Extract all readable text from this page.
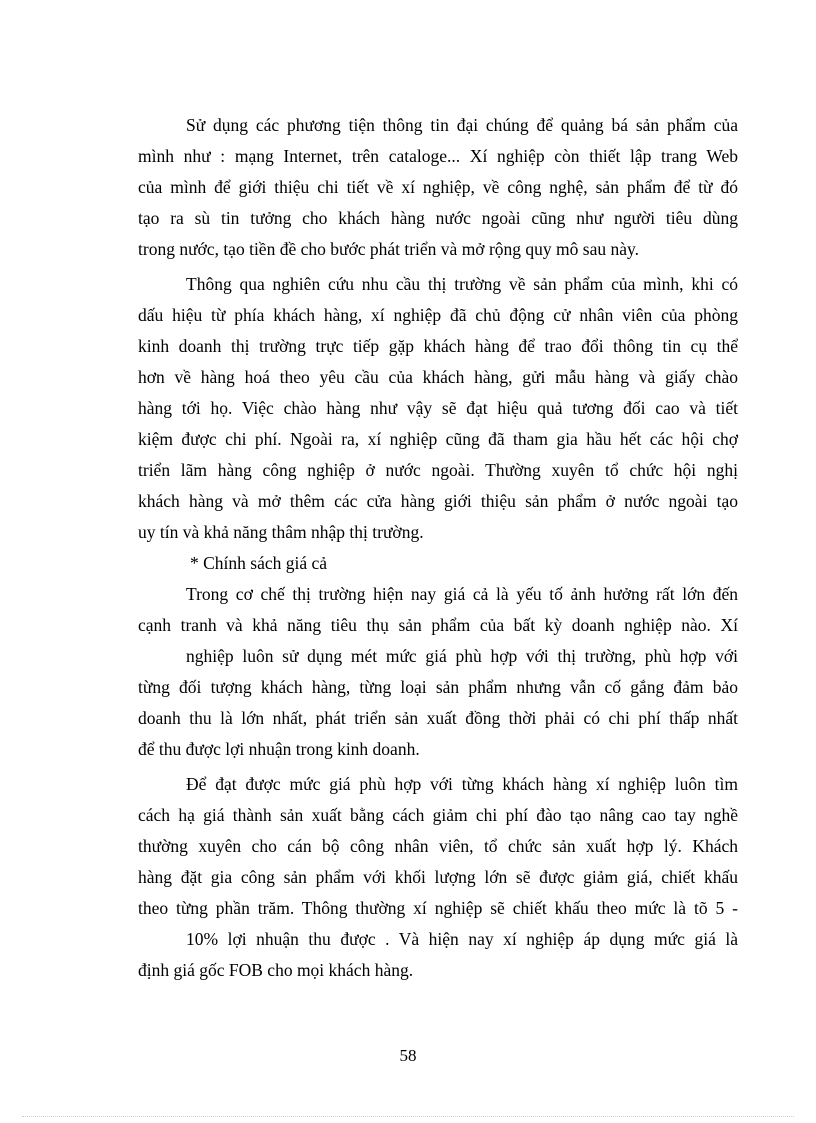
Sử dụng các phương tiện thông tin đại chúng để quảng bá sản phẩm của
mình như : mạng Internet, trên cataloge... Xí nghiệp còn thiết lập trang Web
của mình để giới thiệu chi tiết về xí nghiệp, về công nghệ, sản phẩm để từ đó
tạo ra sù tin tưởng cho khách hàng nước ngoài cũng như người tiêu dùng
trong nước, tạo tiền đề cho bước phát triển và mở rộng quy mô sau này.
Thông qua nghiên cứu nhu cầu thị trường về sản phẩm của mình, khi có
dấu hiệu từ phía khách hàng, xí nghiệp đã chủ động cử nhân viên của phòng
kinh doanh thị trường trực tiếp gặp khách hàng để trao đổi thông tin cụ thể
hơn về hàng hoá theo yêu cầu của khách hàng, gửi mẫu hàng và giấy chào
hàng tới họ. Việc chào hàng như vậy sẽ đạt hiệu quả tương đối cao và tiết
kiệm được chi phí. Ngoài ra, xí nghiệp cũng đã tham gia hầu hết các hội chợ
triển lãm hàng công nghiệp ở nước ngoài. Thường xuyên tổ chức hội nghị
khách hàng và mở thêm các cửa hàng giới thiệu sản phẩm ở nước ngoài tạo
uy tín và khả năng thâm nhập thị trường.
* Chính sách giá cả
Trong cơ chế thị trường hiện nay giá cả là yếu tố ảnh hưởng rất lớn đến
cạnh tranh và khả năng tiêu thụ sản phẩm của bất kỳ doanh nghiệp nào. Xí
nghiệp luôn sử dụng mét mức giá phù hợp với thị trường, phù hợp với
từng đối tượng khách hàng, từng loại sản phẩm nhưng vẫn cố gắng đảm bảo
doanh thu là lớn nhất, phát triển sản xuất đồng thời phải có chi phí thấp nhất
để thu được lợi nhuận trong kinh doanh.
Để đạt được mức giá phù hợp với từng khách hàng xí nghiệp luôn tìm
cách hạ giá thành sản xuất bằng cách giảm chi phí đào tạo nâng cao tay nghề
thường xuyên cho cán bộ công nhân viên, tổ chức sản xuất hợp lý. Khách
hàng đặt gia công sản phẩm với khối lượng lớn sẽ được giảm giá, chiết khấu
theo từng phần trăm. Thông thường xí nghiệp sẽ chiết khấu theo mức là tõ 5 -
10% lợi nhuận thu được . Và hiện nay xí nghiệp áp dụng mức giá là
định giá gốc FOB cho mọi khách hàng.
58
